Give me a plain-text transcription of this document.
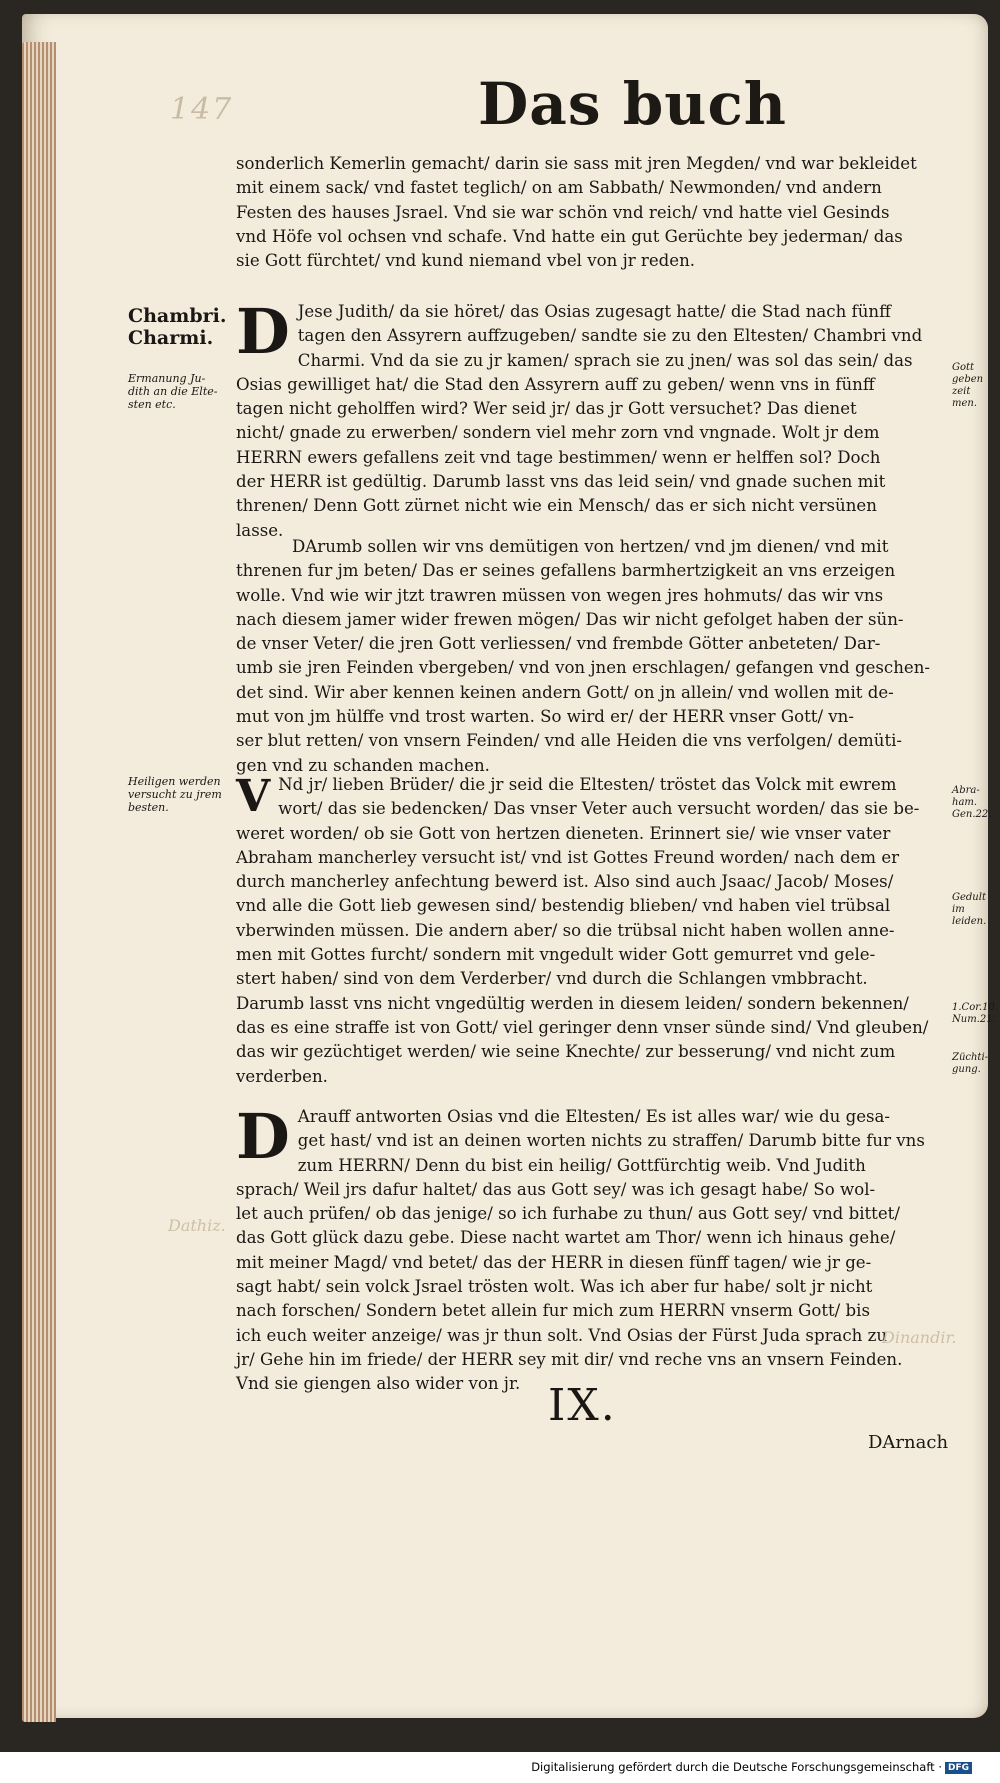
147	Das buch
sonderlich Kemerlin gemacht/ darin sie sass mit jren Megden/ vnd war bekleidet
mit einem sack/ vnd fastet teglich/ on am Sabbath/ Newmonden/ vnd andern
Festen des hauses Jsrael. Vnd sie war schön vnd reich/ vnd hatte viel Gesinds
vnd Höfe vol ochsen vnd schafe. Vnd hatte ein gut Gerüchte bey jederman/ das
sie Gott fürchtet/ vnd kund niemand vbel von jr reden.
D Jese Judith/ da sie höret/ das Osias zugesagt hatte/ die Stad nach fünff
tagen den Assyrern auffzugeben/ sandte sie zu den Eltesten/ Chambri vnd
Charmi. Vnd da sie zu jr kamen/ sprach sie zu jnen/ was sol das sein/ das
Osias gewilliget hat/ die Stad den Assyrern auff zu geben/ wenn vns in fünff
tagen nicht geholffen wird? Wer seid jr/ das jr Gott versuchet? Das dienet
nicht/ gnade zu erwerben/ sondern viel mehr zorn vnd vngnade. Wolt jr dem
HERRN ewers gefallens zeit vnd tage bestimmen/ wenn er helffen sol? Doch
der HERR ist gedültig. Darumb lasst vns das leid sein/ vnd gnade suchen mit
threnen/ Denn Gott zürnet nicht wie ein Mensch/ das er sich nicht versünen
lasse.
DArumb sollen wir vns demütigen von hertzen/ vnd jm dienen/ vnd mit
threnen fur jm beten/ Das er seines gefallens barmhertzigkeit an vns erzeigen
wolle. Vnd wie wir jtzt trawren müssen von wegen jres hohmuts/ das wir vns
nach diesem jamer wider frewen mögen/ Das wir nicht gefolget haben der sün-
de vnser Veter/ die jren Gott verliessen/ vnd frembde Götter anbeteten/ Dar-
umb sie jren Feinden vbergeben/ vnd von jnen erschlagen/ gefangen vnd geschen-
det sind. Wir aber kennen keinen andern Gott/ on jn allein/ vnd wollen mit de-
mut von jm hülffe vnd trost warten. So wird er/ der HERR vnser Gott/ vn-
ser blut retten/ von vnsern Feinden/ vnd alle Heiden die vns verfolgen/ demüti-
gen vnd zu schanden machen.
V Nd jr/ lieben Brüder/ die jr seid die Eltesten/ tröstet das Volck mit ewrem
wort/ das sie bedencken/ Das vnser Veter auch versucht worden/ das sie be-
weret worden/ ob sie Gott von hertzen dieneten. Erinnert sie/ wie vnser vater
Abraham mancherley versucht ist/ vnd ist Gottes Freund worden/ nach dem er
durch mancherley anfechtung bewerd ist. Also sind auch Jsaac/ Jacob/ Moses/
vnd alle die Gott lieb gewesen sind/ bestendig blieben/ vnd haben viel trübsal
vberwinden müssen. Die andern aber/ so die trübsal nicht haben wollen anne-
men mit Gottes furcht/ sondern mit vngedult wider Gott gemurret vnd gele-
stert haben/ sind von dem Verderber/ vnd durch die Schlangen vmbbracht.
Darumb lasst vns nicht vngedültig werden in diesem leiden/ sondern bekennen/
das es eine straffe ist von Gott/ viel geringer denn vnser sünde sind/ Vnd gleuben/
das wir gezüchtiget werden/ wie seine Knechte/ zur besserung/ vnd nicht zum
verderben.
D Arauff antworten Osias vnd die Eltesten/ Es ist alles war/ wie du gesa-
get hast/ vnd ist an deinen worten nichts zu straffen/ Darumb bitte fur vns
zum HERRN/ Denn du bist ein heilig/ Gottfürchtig weib. Vnd Judith
sprach/ Weil jrs dafur haltet/ das aus Gott sey/ was ich gesagt habe/ So wol-
let auch prüfen/ ob das jenige/ so ich furhabe zu thun/ aus Gott sey/ vnd bittet/
das Gott glück dazu gebe. Diese nacht wartet am Thor/ wenn ich hinaus gehe/
mit meiner Magd/ vnd betet/ das der HERR in diesen fünff tagen/ wie jr ge-
sagt habt/ sein volck Jsrael trösten wolt. Was ich aber fur habe/ solt jr nicht
nach forschen/ Sondern betet allein fur mich zum HERRN vnserm Gott/ bis
ich euch weiter anzeige/ was jr thun solt. Vnd Osias der Fürst Juda sprach zu
jr/ Gehe hin im friede/ der HERR sey mit dir/ vnd reche vns an vnsern Feinden.
Vnd sie giengen also wider von jr.
Chambri.
Charmi.
Ermanung Ju-
dith an die Elte-
sten etc.
Heiligen werden
versucht zu jrem
besten.
Gott
geben
zeit
men.
Abra-
ham.
Gen.22.
Gedult
im leiden.
1.Cor.10.
Num.21.
Züchti-
gung.
Dathiz.
Dinandir.
IX.
DArnach
Digitalisierung gefördert durch die Deutsche Forschungsgemeinschaft · DFG
